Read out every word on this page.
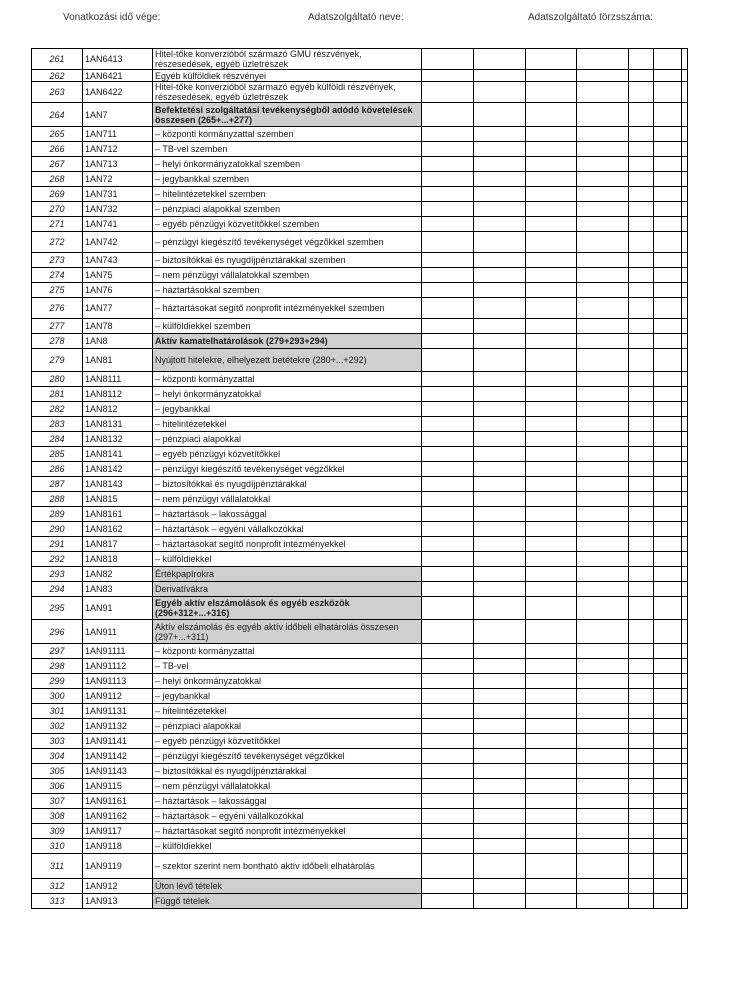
Vonatkozási idő vége:	Adatszolgáltató neve:	Adatszolgáltató törzsszáma:
261	1AN6413	Hitel-tőke konverzióból származó GMU részvények, részesedések, egyéb üzletrészek							
262	1AN6421	Egyéb külföldiek részvényei							
263	1AN6422	Hitel-tőke konverzióból származó egyéb külföldi részvények, részesedések, egyéb üzletrészek							
264	1AN7	Befektetési szolgáltatási tevékenységből adódó követelések összesen (265+...+277)							
265	1AN711	– központi kormányzattal szemben							
266	1AN712	– TB-vel szemben							
267	1AN713	– helyi önkormányzatokkal szemben							
268	1AN72	– jegybankkal szemben							
269	1AN731	– hitelintézetekkel szemben							
270	1AN732	– pénzpiaci alapokkal szemben							
271	1AN741	– egyéb pénzügyi közvetítőkkel szemben							
272	1AN742	– pénzügyi kiegészítő tevékenységet végzőkkel szemben							
273	1AN743	– biztosítókkal és nyugdíjpénztárakkal szemben							
274	1AN75	– nem pénzügyi vállalatokkal szemben							
275	1AN76	– háztartásokkal szemben							
276	1AN77	– háztartásokat segítő nonprofit intézményekkel szemben							
277	1AN78	– külföldiekkel szemben							
278	1AN8	Aktív kamatelhatárolások (279+293+294)							
279	1AN81	Nyújtott hitelekre, elhelyezett betétekre (280+...+292)							
280	1AN8111	– központi kormányzattal							
281	1AN8112	– helyi önkormányzatokkal							
282	1AN812	– jegybankkal							
283	1AN8131	– hitelintézetekkel							
284	1AN8132	– pénzpiaci alapokkal							
285	1AN8141	– egyéb pénzügyi közvetítőkkel							
286	1AN8142	– pénzügyi kiegészítő tevékenységet végzőkkel							
287	1AN8143	– biztosítókkal és nyugdíjpénztárakkal							
288	1AN815	– nem pénzügyi vállalatokkal							
289	1AN8161	– háztartások – lakossággal							
290	1AN8162	– háztartások – egyéni vállalkozókkal							
291	1AN817	– háztartásokat segítő nonprofit intézményekkel							
292	1AN818	– külföldiekkel							
293	1AN82	Értékpapírokra							
294	1AN83	Derivatívákra							
295	1AN91	Egyéb aktív elszámolások és egyéb eszközök (296+312+...+316)							
296	1AN911	Aktív elszámolás és egyéb aktív időbeli elhatárolás összesen (297+...+311)							
297	1AN91111	– központi kormányzattal							
298	1AN91112	– TB-vel							
299	1AN91113	– helyi önkormányzatokkal							
300	1AN9112	– jegybankkal							
301	1AN91131	– hitelintézetekkel							
302	1AN91132	– pénzpiaci alapokkal							
303	1AN91141	– egyéb pénzügyi közvetítőkkel							
304	1AN91142	– pénzügyi kiegészítő tevékenységet végzőkkel							
305	1AN91143	– biztosítókkal és nyugdíjpénztárakkal							
306	1AN9115	– nem pénzügyi vállalatokkal							
307	1AN91161	– háztartások – lakossággal							
308	1AN91162	– háztartások – egyéni vállalkozókkal							
309	1AN9117	– háztartásokat segítő nonprofit intézményekkel							
310	1AN9118	– külföldiekkel							
311	1AN9119	– szektor szerint nem bontható aktív időbeli elhatárolás							
312	1AN912	Úton lévő tételek							
313	1AN913	Függő tételek							
